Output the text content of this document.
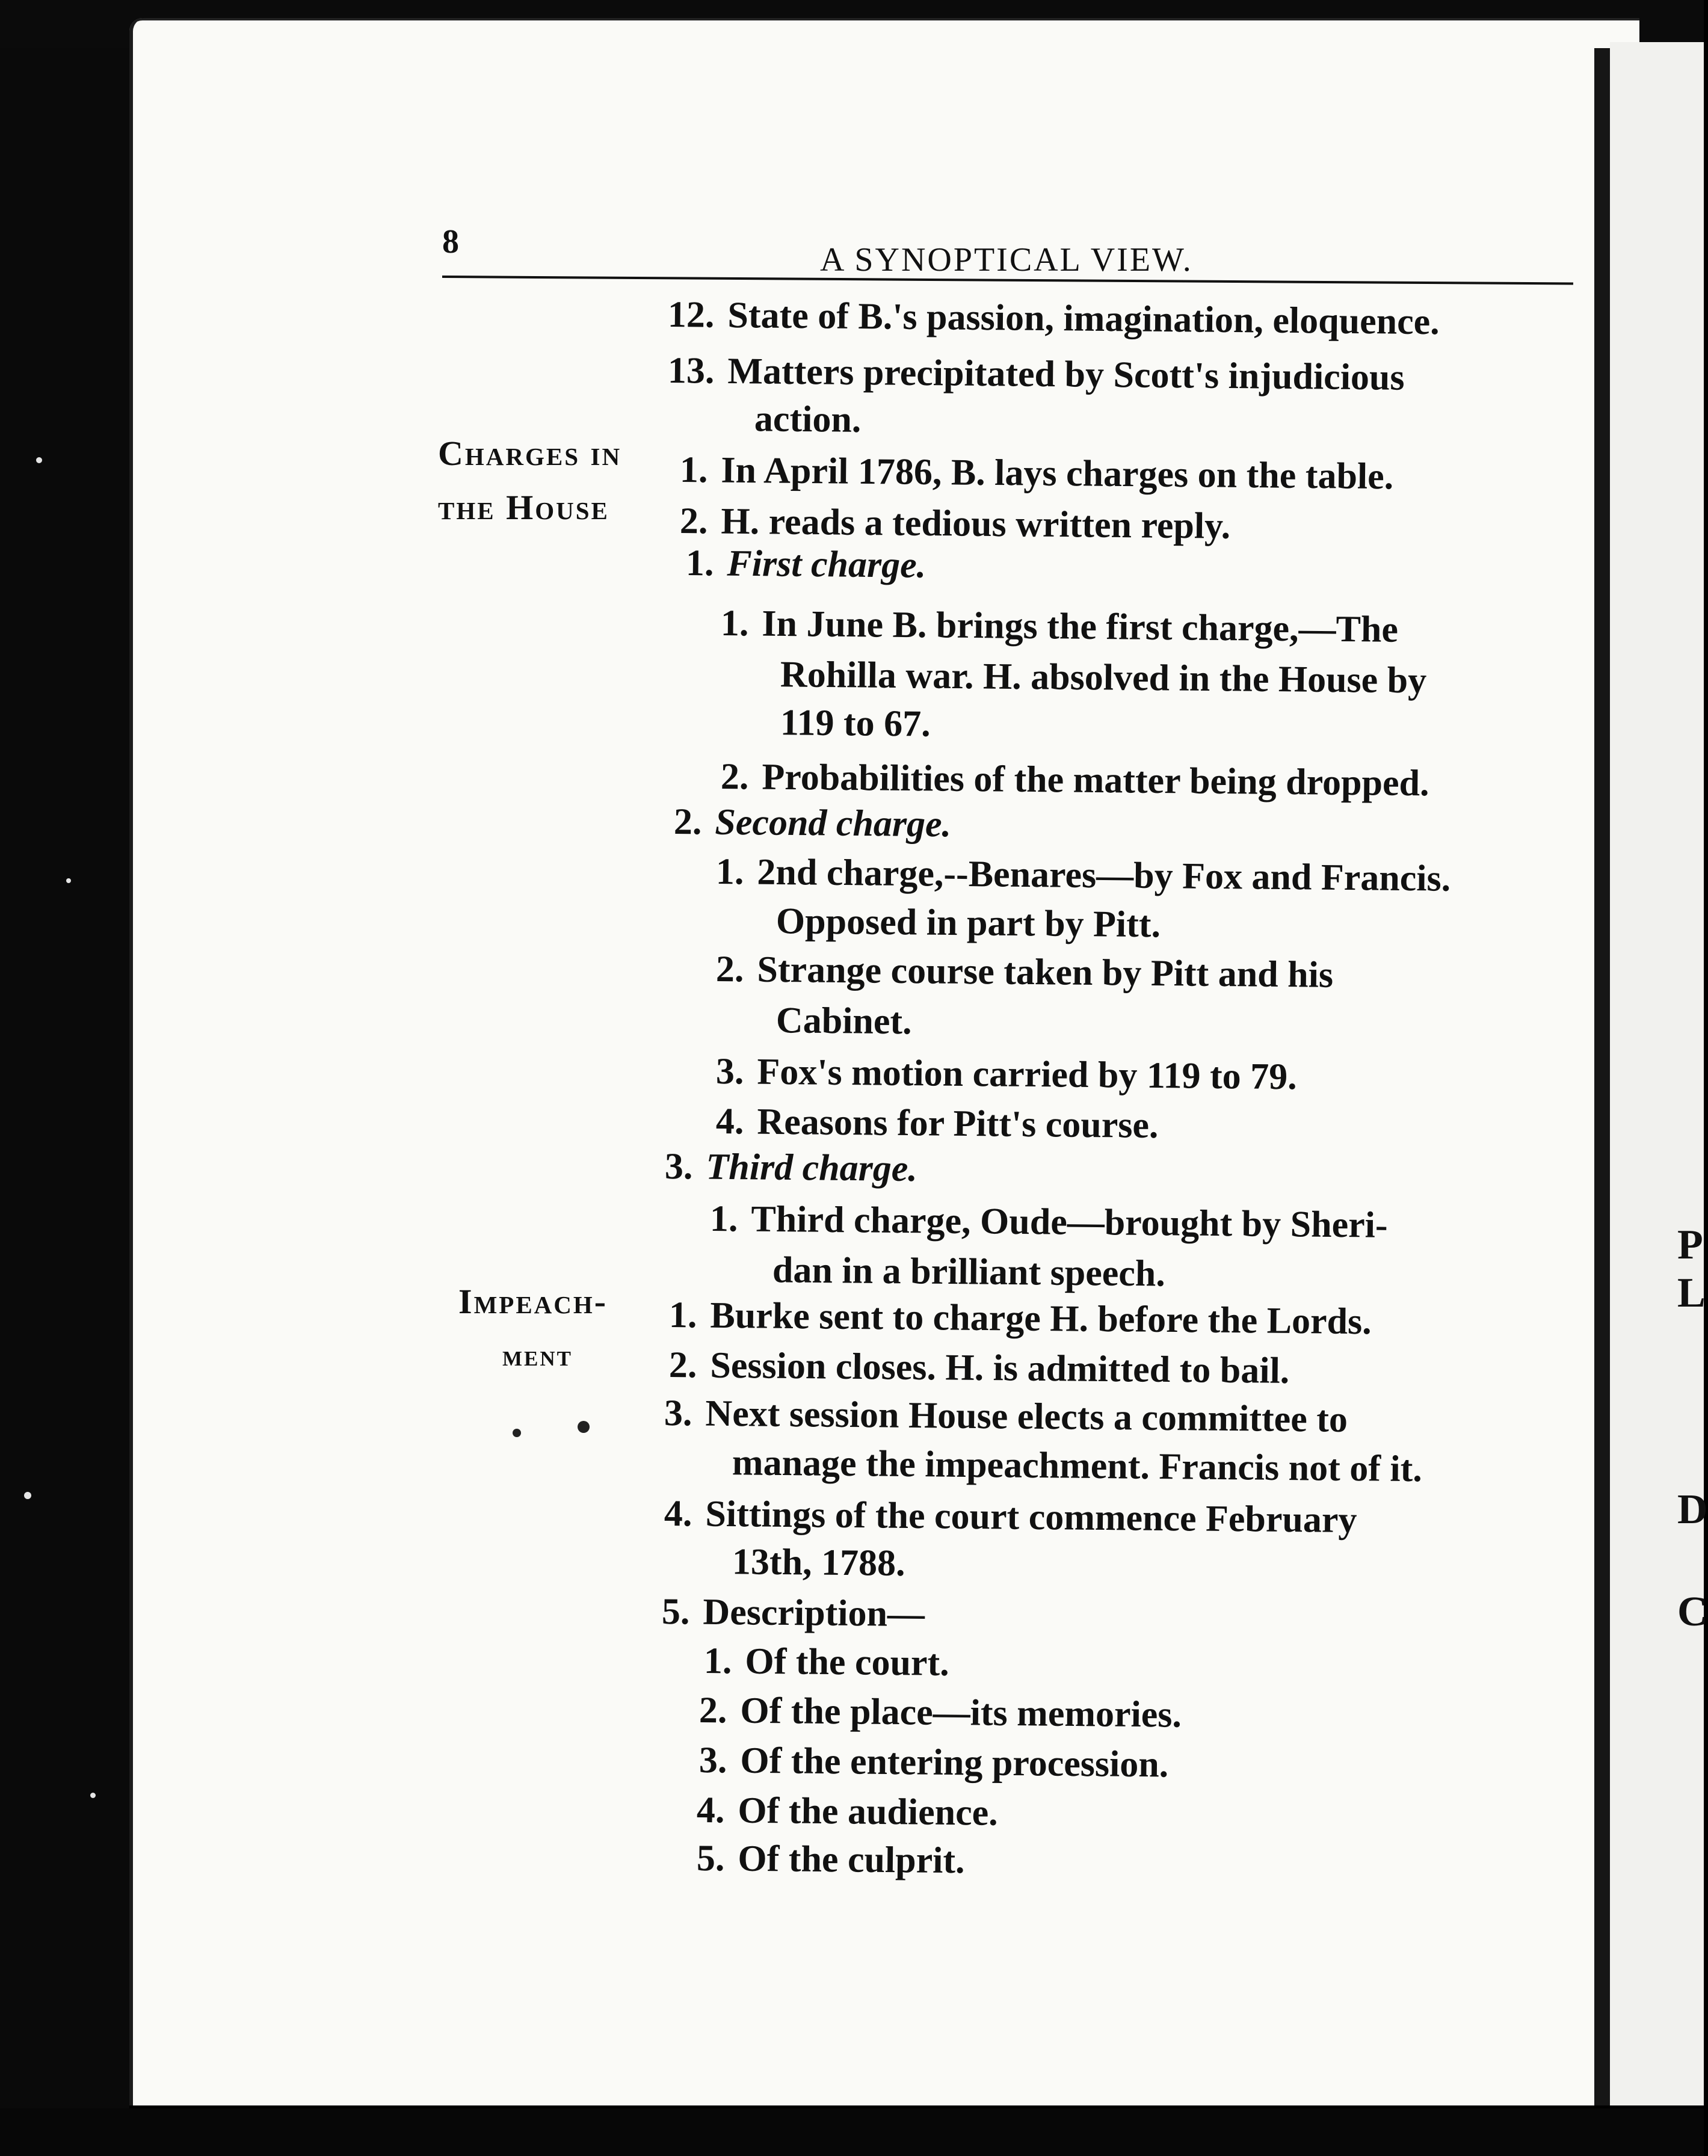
P
L
D
C
8	A SYNOPTICAL VIEW.
Charges in
the House
Impeach-
ment
12. State of B.'s passion, imagination, eloquence.
13. Matters precipitated by Scott's injudicious
action.
1. In April 1786, B. lays charges on the table.
2. H. reads a tedious written reply.
1. First charge.
1. In June B. brings the first charge,—The
Rohilla war. H. absolved in the House by
119 to 67.
2. Probabilities of the matter being dropped.
2. Second charge.
1. 2nd charge,--Benares—by Fox and Francis.
Opposed in part by Pitt.
2. Strange course taken by Pitt and his
Cabinet.
3. Fox's motion carried by 119 to 79.
4. Reasons for Pitt's course.
3. Third charge.
1. Third charge, Oude—brought by Sheri-
dan in a brilliant speech.
1. Burke sent to charge H. before the Lords.
2. Session closes. H. is admitted to bail.
3. Next session House elects a committee to
manage the impeachment. Francis not of it.
4. Sittings of the court commence February
13th, 1788.
5. Description—
1. Of the court.
2. Of the place—its memories.
3. Of the entering procession.
4. Of the audience.
5. Of the culprit.
